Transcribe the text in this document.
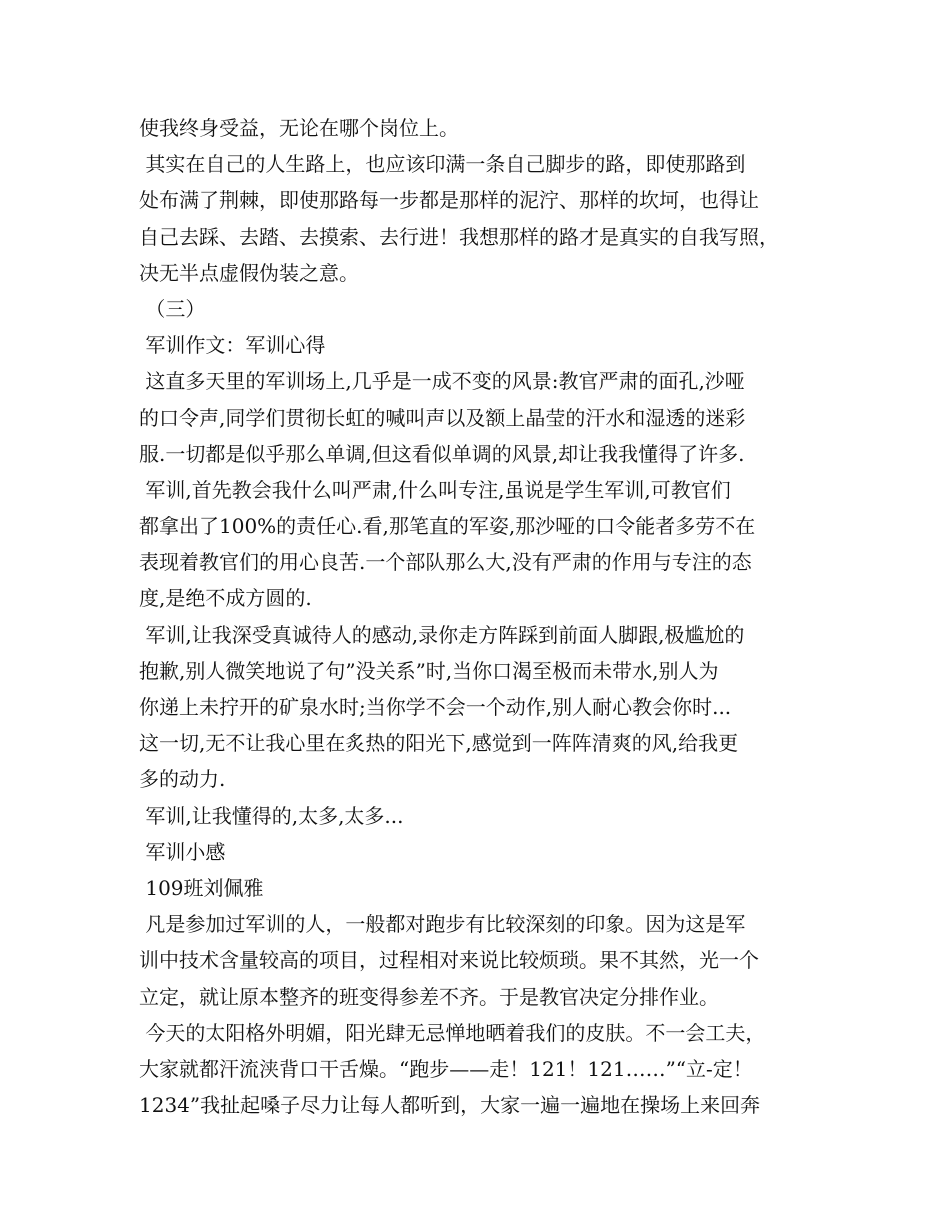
使我终身受益，无论在哪个岗位上。
其实在自己的人生路上，也应该印满一条自己脚步的路，即使那路到
处布满了荆棘，即使那路每一步都是那样的泥泞、那样的坎坷，也得让
自己去踩、去踏、去摸索、去行进！我想那样的路才是真实的自我写照，
决无半点虚假伪装之意。
（三）
军训作文：军训心得
这直多天里的军训场上,几乎是一成不变的风景:教官严肃的面孔,沙哑
的口令声,同学们贯彻长虹的喊叫声以及额上晶莹的汗水和湿透的迷彩
服.一切都是似乎那么单调,但这看似单调的风景,却让我我懂得了许多.
军训,首先教会我什么叫严肃,什么叫专注,虽说是学生军训,可教官们
都拿出了100%的责任心.看,那笔直的军姿,那沙哑的口令能者多劳不在
表现着教官们的用心良苦.一个部队那么大,没有严肃的作用与专注的态
度,是绝不成方圆的.
军训,让我深受真诚待人的感动,录你走方阵踩到前面人脚跟,极尴尬的
抱歉,别人微笑地说了句”没关系”时,当你口渴至极而未带水,别人为
你递上未拧开的矿泉水时;当你学不会一个动作,别人耐心教会你时...
这一切,无不让我心里在炙热的阳光下,感觉到一阵阵清爽的风,给我更
多的动力.
军训,让我懂得的,太多,太多...
军训小感
109班刘佩雅
凡是参加过军训的人，一般都对跑步有比较深刻的印象。因为这是军
训中技术含量较高的项目，过程相对来说比较烦琐。果不其然，光一个
立定，就让原本整齐的班变得参差不齐。于是教官决定分排作业。
今天的太阳格外明媚，阳光肆无忌惮地晒着我们的皮肤。不一会工夫，
大家就都汗流浃背口干舌燥。“跑步——走！121！121……”“立-定！
1234”我扯起嗓子尽力让每人都听到，大家一遍一遍地在操场上来回奔
